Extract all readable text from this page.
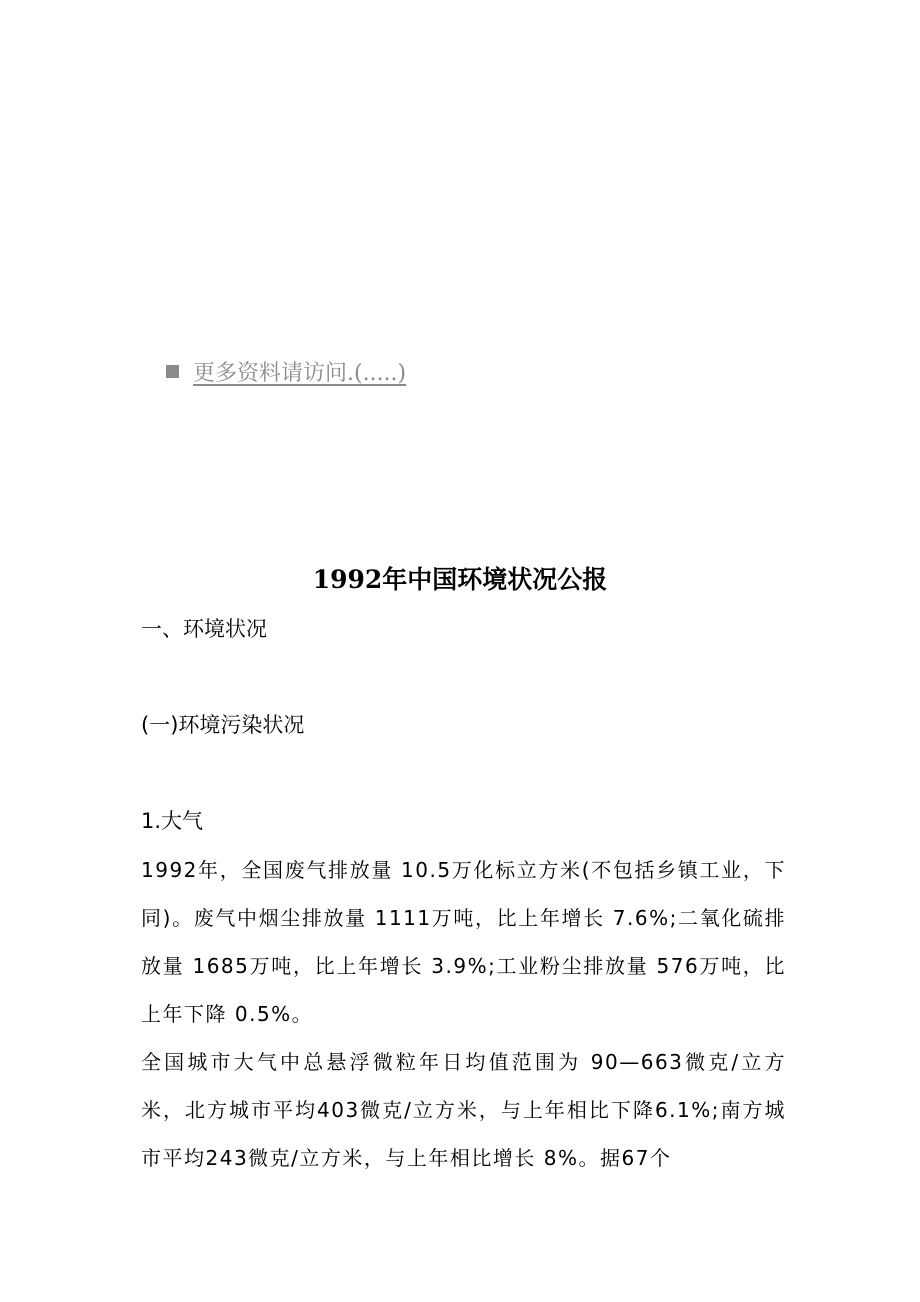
更多资料请访问.(.....)
1992年中国环境状况公报

一、环境状况

(一)环境污染状况

1.大气

1992年，全国废气排放量 10.5万化标立方米(不包括乡镇工业，下同)。废气中烟尘排放量 1111万吨，比上年增长 7.6%;二氧化硫排放量 1685万吨，比上年增长 3.9%;工业粉尘排放量 576万吨，比上年下降 0.5%。

全国城市大气中总悬浮微粒年日均值范围为 90—663微克/立方米，北方城市平均403微克/立方米，与上年相比下降6.1%;南方城市平均243微克/立方米，与上年相比增长 8%。据67个
